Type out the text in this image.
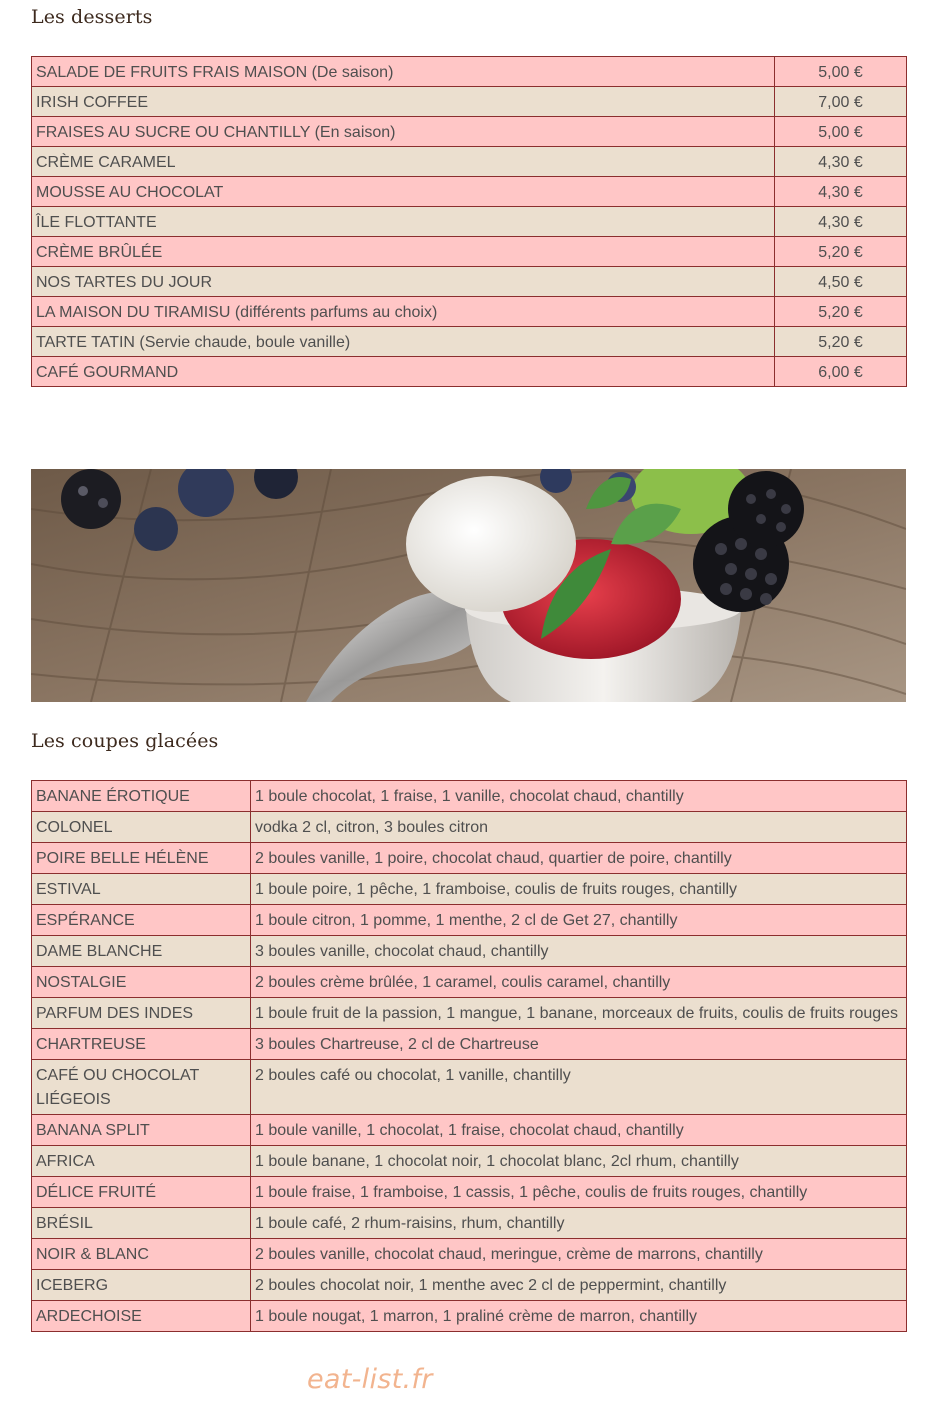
Les desserts
SALADE DE FRUITS FRAIS MAISON (De saison)	5,00 €
IRISH COFFEE	7,00 €
FRAISES AU SUCRE OU CHANTILLY (En saison)	5,00 €
CRÈME CARAMEL	4,30 €
MOUSSE AU CHOCOLAT	4,30 €
ÎLE FLOTTANTE	4,30 €
CRÈME BRÛLÉE	5,20 €
NOS TARTES DU JOUR	4,50 €
LA MAISON DU TIRAMISU (différents parfums au choix)	5,20 €
TARTE TATIN (Servie chaude, boule vanille)	5,20 €
CAFÉ GOURMAND	6,00 €
Les coupes glacées
BANANE ÉROTIQUE	1 boule chocolat, 1 fraise, 1 vanille, chocolat chaud, chantilly
COLONEL	vodka 2 cl, citron, 3 boules citron
POIRE BELLE HÉLÈNE	2 boules vanille, 1 poire, chocolat chaud, quartier de poire, chantilly
ESTIVAL	1 boule poire, 1 pêche, 1 framboise, coulis de fruits rouges, chantilly
ESPÉRANCE	1 boule citron, 1 pomme, 1 menthe, 2 cl de Get 27, chantilly
DAME BLANCHE	3 boules vanille, chocolat chaud, chantilly
NOSTALGIE	2 boules crème brûlée, 1 caramel, coulis caramel, chantilly
PARFUM DES INDES	1 boule fruit de la passion, 1 mangue, 1 banane, morceaux de fruits, coulis de fruits rouges
CHARTREUSE	3 boules Chartreuse, 2 cl de Chartreuse
CAFÉ OU CHOCOLAT LIÉGEOIS	2 boules café ou chocolat, 1 vanille, chantilly
BANANA SPLIT	1 boule vanille, 1 chocolat, 1 fraise, chocolat chaud, chantilly
AFRICA	1 boule banane, 1 chocolat noir, 1 chocolat blanc, 2cl rhum, chantilly
DÉLICE FRUITÉ	1 boule fraise, 1 framboise, 1 cassis, 1 pêche, coulis de fruits rouges, chantilly
BRÉSIL	1 boule café, 2 rhum-raisins, rhum, chantilly
NOIR & BLANC	2 boules vanille, chocolat chaud, meringue, crème de marrons, chantilly
ICEBERG	2 boules chocolat noir, 1 menthe avec 2 cl de peppermint, chantilly
ARDECHOISE	1 boule nougat, 1 marron, 1 praliné crème de marron, chantilly
eat-list.fr
